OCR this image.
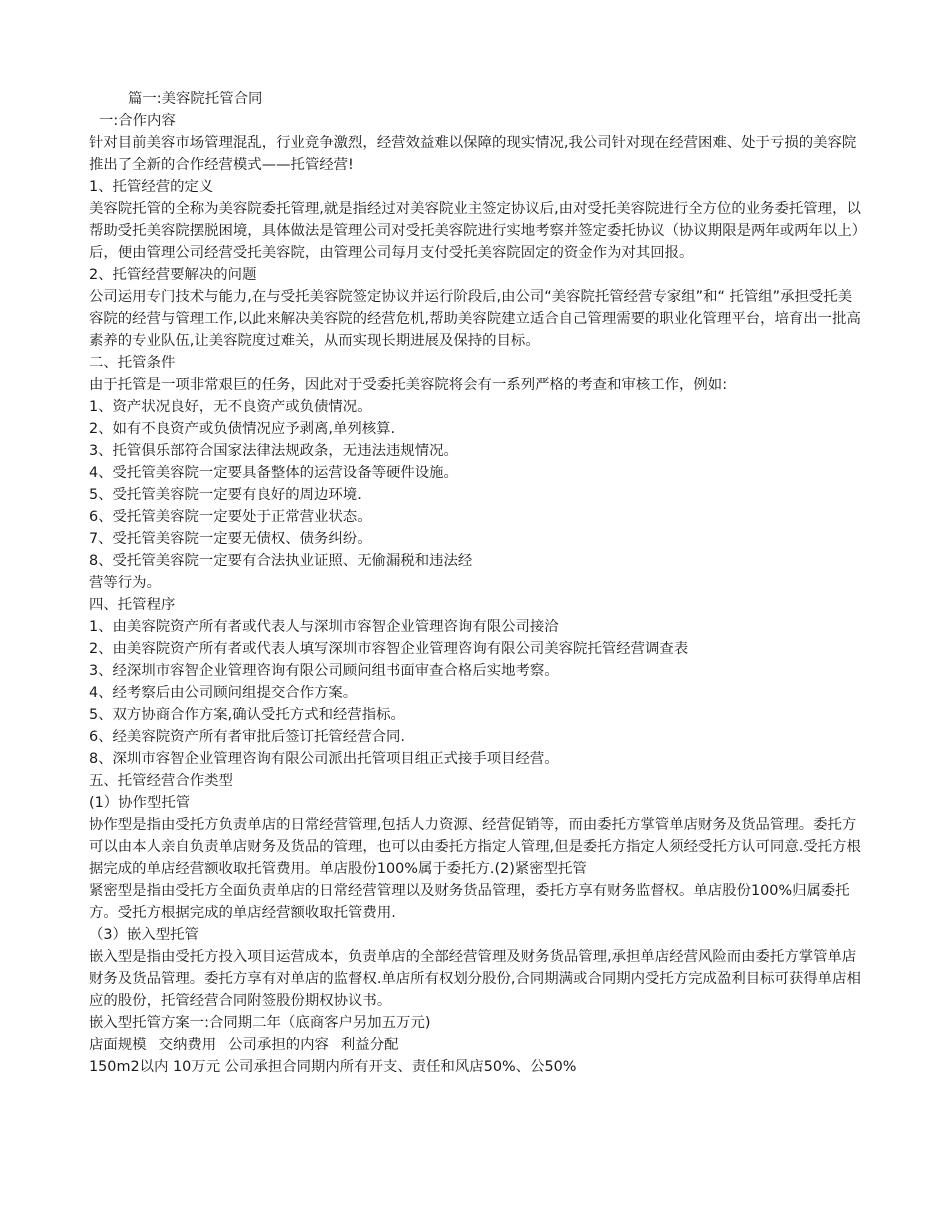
篇一:美容院托管合同
一:合作内容
针对目前美容市场管理混乱，行业竞争激烈，经营效益难以保障的现实情况,我公司针对现在经营困难、处于亏损的美容院推出了全新的合作经营模式——托管经营!
1、托管经营的定义
美容院托管的全称为美容院委托管理,就是指经过对美容院业主签定协议后,由对受托美容院进行全方位的业务委托管理，以帮助受托美容院摆脱困境，具体做法是管理公司对受托美容院进行实地考察并签定委托协议（协议期限是两年或两年以上）后，便由管理公司经营受托美容院，由管理公司每月支付受托美容院固定的资金作为对其回报。
2、托管经营要解决的问题
公司运用专门技术与能力,在与受托美容院签定协议并运行阶段后,由公司“美容院托管经营专家组”和“ 托管组”承担受托美容院的经营与管理工作,以此来解决美容院的经营危机,帮助美容院建立适合自己管理需要的职业化管理平台，培育出一批高素养的专业队伍,让美容院度过难关，从而实现长期进展及保持的目标。
二、托管条件
由于托管是一项非常艰巨的任务，因此对于受委托美容院将会有一系列严格的考查和审核工作，例如:
1、资产状况良好，无不良资产或负债情况。
2、如有不良资产或负债情况应予剥离,单列核算.
3、托管俱乐部符合国家法律法规政条，无违法违规情况。
4、受托管美容院一定要具备整体的运营设备等硬件设施。
5、受托管美容院一定要有良好的周边环境.
6、受托管美容院一定要处于正常营业状态。
7、受托管美容院一定要无债权、债务纠纷。
8、受托管美容院一定要有合法执业证照、无偷漏税和违法经
营等行为。
四、托管程序
1、由美容院资产所有者或代表人与深圳市容智企业管理咨询有限公司接洽
2、由美容院资产所有者或代表人填写深圳市容智企业管理咨询有限公司美容院托管经营调查表
3、经深圳市容智企业管理咨询有限公司顾问组书面审查合格后实地考察。
4、经考察后由公司顾问组提交合作方案。
5、双方协商合作方案,确认受托方式和经营指标。
6、经美容院资产所有者审批后签订托管经营合同.
8、深圳市容智企业管理咨询有限公司派出托管项目组正式接手项目经营。
五、托管经营合作类型
(1）协作型托管
协作型是指由受托方负责单店的日常经营管理,包括人力资源、经营促销等，而由委托方掌管单店财务及货品管理。委托方可以由本人亲自负责单店财务及货品的管理，也可以由委托方指定人管理,但是委托方指定人须经受托方认可同意.受托方根据完成的单店经营额收取托管费用。单店股份100%属于委托方.(2)紧密型托管
紧密型是指由受托方全面负责单店的日常经营管理以及财务货品管理，委托方享有财务监督权。单店股份100%归属委托方。受托方根据完成的单店经营额收取托管费用.
（3）嵌入型托管
嵌入型是指由受托方投入项目运营成本，负责单店的全部经营管理及财务货品管理,承担单店经营风险而由委托方掌管单店财务及货品管理。委托方享有对单店的监督权.单店所有权划分股份,合同期满或合同期内受托方完成盈利目标可获得单店相应的股份，托管经营合同附签股份期权协议书。
嵌入型托管方案一:合同期二年（底商客户另加五万元)
店面规模 交纳费用 公司承担的内容 利益分配
150m2以内 10万元 公司承担合同期内所有开支、责任和风店50%、公50%
